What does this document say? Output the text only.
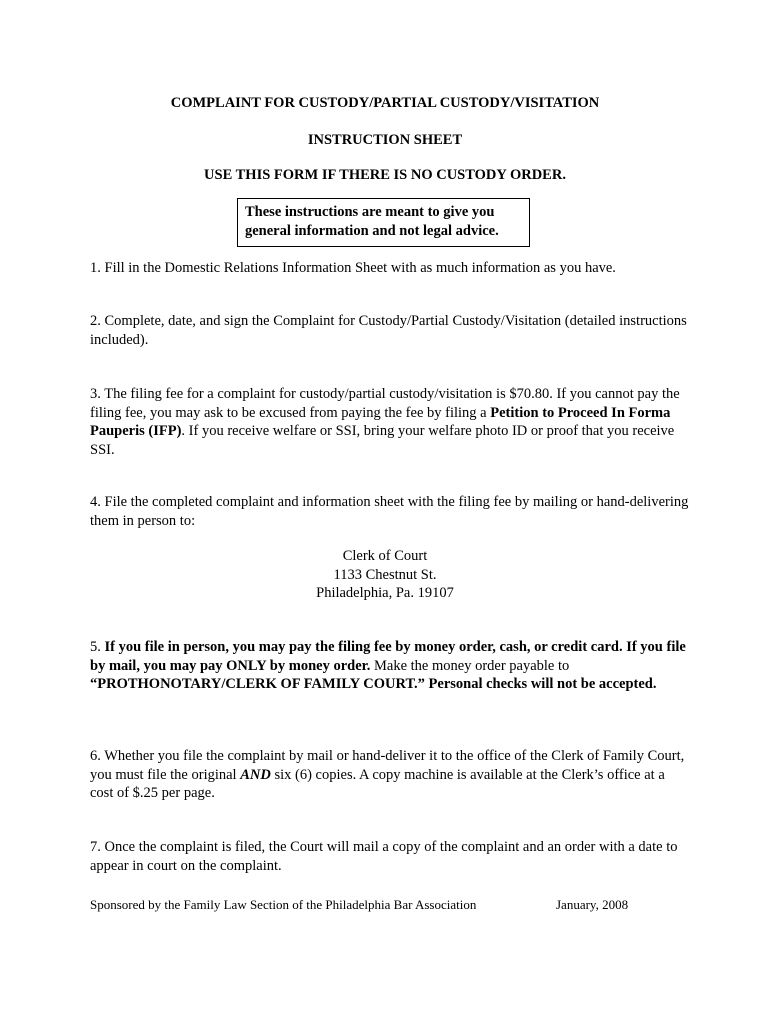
COMPLAINT FOR CUSTODY/PARTIAL CUSTODY/VISITATION
INSTRUCTION SHEET
USE THIS FORM IF THERE IS NO CUSTODY ORDER.
These instructions are meant to give you
general information and not legal advice.
1. Fill in the Domestic Relations Information Sheet with as much information as you have.
2. Complete, date, and sign the Complaint for Custody/Partial Custody/Visitation (detailed instructions included).
3. The filing fee for a complaint for custody/partial custody/visitation is $70.80. If you cannot pay the filing fee, you may ask to be excused from paying the fee by filing a Petition to Proceed In Forma Pauperis (IFP). If you receive welfare or SSI, bring your welfare photo ID or proof that you receive SSI.
4. File the completed complaint and information sheet with the filing fee by mailing or hand-delivering them in person to:
Clerk of Court
1133 Chestnut St.
Philadelphia, Pa. 19107
5. If you file in person, you may pay the filing fee by money order, cash, or credit card. If you file by mail, you may pay ONLY by money order. Make the money order payable to “PROTHONOTARY/CLERK OF FAMILY COURT.” Personal checks will not be accepted.
6. Whether you file the complaint by mail or hand-deliver it to the office of the Clerk of Family Court, you must file the original AND six (6) copies. A copy machine is available at the Clerk’s office at a cost of $.25 per page.
7. Once the complaint is filed, the Court will mail a copy of the complaint and an order with a date to appear in court on the complaint.
Sponsored by the Family Law Section of the Philadelphia Bar Association	January, 2008
